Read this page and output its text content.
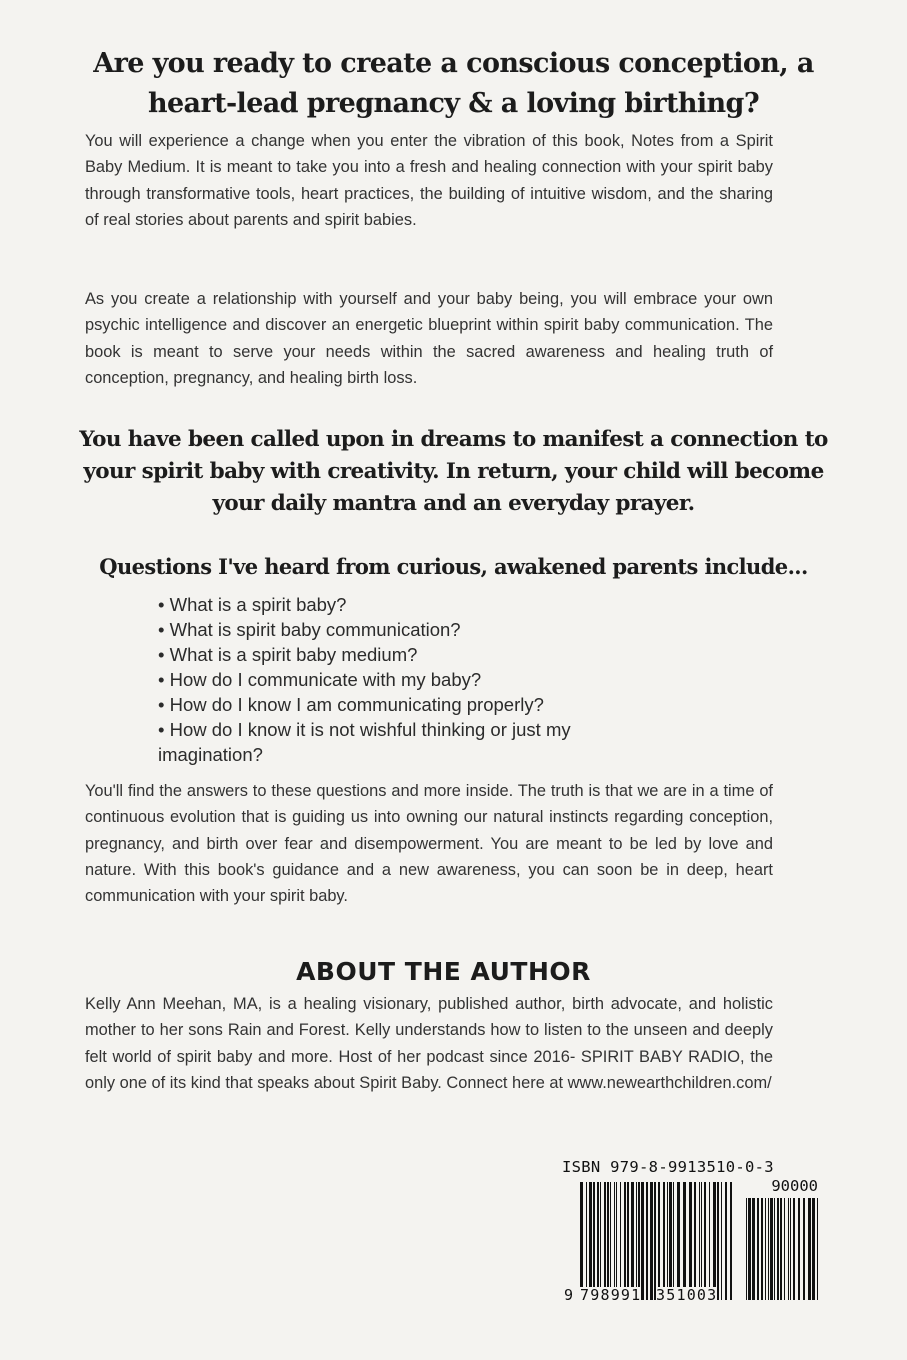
Are you ready to create a conscious conception, a heart-lead pregnancy & a loving birthing?
You will experience a change when you enter the vibration of this book, Notes from a Spirit Baby Medium. It is meant to take you into a fresh and healing connection with your spirit baby through transformative tools, heart practices, the building of intuitive wisdom, and the sharing of real stories about parents and spirit babies.
As you create a relationship with yourself and your baby being, you will embrace your own psychic intelligence and discover an energetic blueprint within spirit baby communication. The book is meant to serve your needs within the sacred awareness and healing truth of conception, pregnancy, and healing birth loss.
You have been called upon in dreams to manifest a connection to your spirit baby with creativity. In return, your child will become your daily mantra and an everyday prayer.
Questions I've heard from curious, awakened parents include...
• What is a spirit baby?
• What is spirit baby communication?
• What is a spirit baby medium?
• How do I communicate with my baby?
• How do I know I am communicating properly?
• How do I know it is not wishful thinking or just my imagination?
You'll find the answers to these questions and more inside. The truth is that we are in a time of continuous evolution that is guiding us into owning our natural instincts regarding conception, pregnancy, and birth over fear and disempowerment. You are meant to be led by love and nature. With this book's guidance and a new awareness, you can soon be in deep, heart communication with your spirit baby.
ABOUT THE AUTHOR
Kelly Ann Meehan, MA, is a healing visionary, published author, birth advocate, and holistic mother to her sons Rain and Forest. Kelly understands how to listen to the unseen and deeply felt world of spirit baby and more. Host of her podcast since 2016- SPIRIT BABY RADIO, the only one of its kind that speaks about Spirit Baby. Connect here at www.newearthchildren.com/
ISBN 979-8-9913510-0-3
90000
9 798991 351003
